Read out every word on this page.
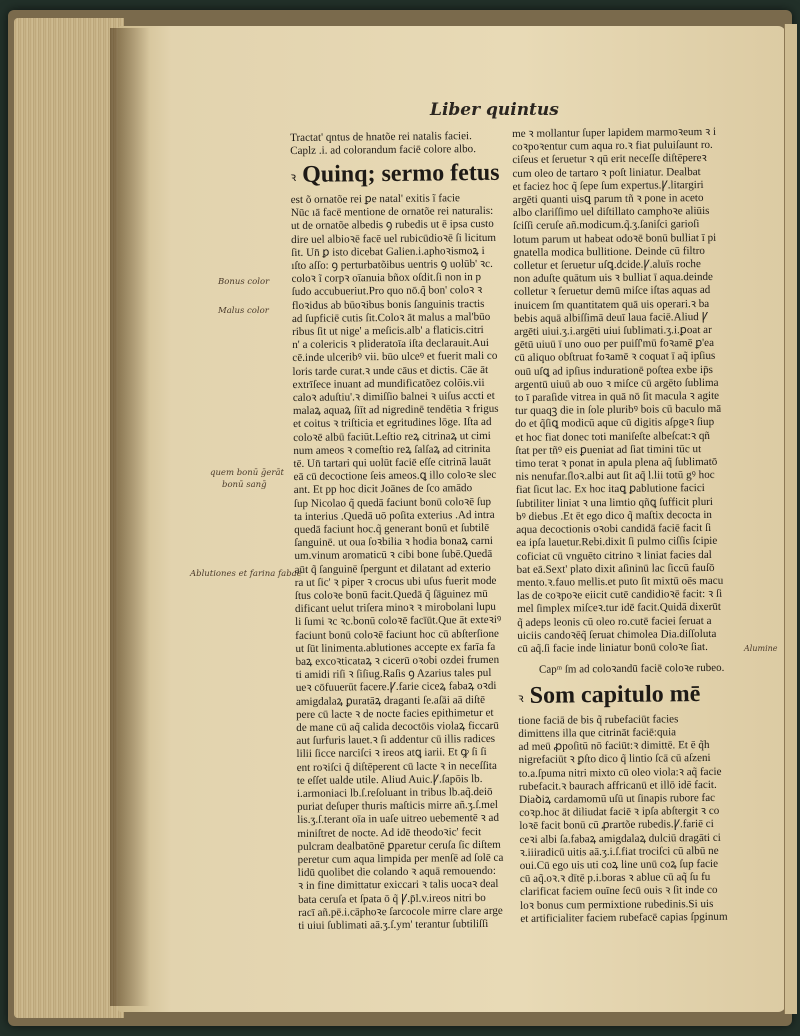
Liber quintus
Bonus color
Malus color
quem bonū ḡerāt
bonū sanḡ
Ablutiones et farina fabae
Alumine
Tractat' qntus de hnatõe rei natalis faciei.
Caplz .i. ad colorandum faciē colore albo.
ꝛ Quinq; sermo fetus
est õ ornatõe rei ꝑe natal' exitis ĩ facie
Nūc ıā facē mentione de ornatõe rei naturalis:
ut de ornatõe albedis ꝯ rubedis ut ē ipsa custo
dire uel albioꝛē facē uel rubicūdioꝛē ſi licitum
ſit. Un̄ ꝑ isto dicebat Galien.i.aphoꝛismoꝝ i
ıſto aſſo: ꝯ perturbatõibus uentris ꝯ uolūb' ꝛc.
coloꝛ ĩ corpꝛ oīanuia bñox oſdit.ſi non in p
ſudo accubueriut.Pro quo nō.q̃ bon' coloꝛ ꝛ
floꝛidus ab būoꝛibus bonis ſanguinis tractis
ad ſupficiē cutis ſit.Coloꝛ āt malus a mal'būo
ribus ſit ut nige' a meſicis.alb' a flaticis.citri
n' a colericis ꝛ plideratoīa iſta declarauit.Aui
cē.inde ulceribꝰ vii. būo ulceꝰ et fuerit mali co
loris tarde curat.ꝛ unde cāus et dictis. Cāe āt
extrīſece inuant ad mundificatõez colōis.vii
caloꝛ aduſtiu'.ꝛ dimiſſio balnei ꝛ uiſus accti et
malaꝝ aquaꝝ ſiīt ad nigredinē tendētia ꝛ frigus
et coitus ꝛ triſticia et egritudines lōge. Iſta ad
coloꝛē albū faciūt.Leſtio reꝝ citrinaꝝ ut cimi
num ameos ꝛ comeſtio reꝝ ſalſaꝝ ad citrinita
tē. Un̄ tartari qui uolūt faciē eſſe citrinā lauāt
eā cū decoctione ſeis ameos.ꝗ illo coloꝛe slec
ant. Et pp hoc dicit Joānes de ſco amādo
ſup Nicolao q̃ quedā faciunt bonū coloꝛē ſup
ta interius .Quedā uō poſita exterius .Ad intra
quedā faciunt hoc.q̃ generant bonū et ſubtilē
ſanguinē. ut oua ſoꝛbilia ꝛ hodia bonaꝝ carni
um.vinum aromaticū ꝛ cibi bone ſubē.Quedā
aūt q̃ ſanguinē ſpergunt et dilatant ad exterio
ra ut ſic' ꝛ piper ꝛ crocus ubi uſus fuerit mode
ſtus coloꝛe bonū facit.Quedā q̃ ſāguinez mū
dificant uelut triſera minoꝛ ꝛ mirobolani lupu
li ſumi ꝛc ꝛc.bonū coloꝛē facīūt.Que āt exteꝛiꝰ
faciunt bonū coloꝛē faciunt hoc cū abſterſione
ut ſūt linimenta.ablutiones accepte ex farīa fa
baꝝ excoꝛticataꝝ ꝛ cicerū oꝛobi ozdei frumen
ti amidi riſi ꝛ ſiſiug.Raſis ꝯ Azarius tales pul
ueꝛ cōfuuerūt facere.Ꝩ.farie ciceꝝ fabaꝝ oꝛdi
amigdalaꝝ ꝑuratāꝝ draganti ſe.aſāi aā diſtē
pere cū lacte ꝛ de nocte facies epithimetur et
de mane cū aq̃ calida decoctōis violaꝝ ficcarū
aut ſurfuris lauet.ꝛ ſi addentur cū illis radices
lilii ſicce narciſci ꝛ ireos atꝗ iarii. Et ꝙ ſi ſi
ent roꝛiſci q̃ diſtēperent cū lacte ꝛ in neceſſita
te eſſet ualde utile. Aliud Auic.Ꝩ.ſapōis lb.
i.armoniaci lb.ſ.reſoluant in tribus lb.aq̃.deiō
puriat deſuper thuris maſticis mirre añ.ʒ.ſ.mel
lis.ʒ.ſ.terant oīa in uaſe uitreo uebementē ꝛ ad
miniſtret de nocte. Ad idē theodoꝛic' fecit
pulcram dealbatōnē ꝑparetur ceruſa ſic diſtem
peretur cum aqua limpida per menſē ad ſolē ca
lidū quolibet die colando ꝛ aquā remouendo:
ꝛ in fine dimittatur exiccari ꝛ talis uocaꝛ deal
bata ceruſa et ſpata ō q̃ Ꝩ.p̄l.v.ireos nitri bo
racī añ.pē.i.cāphoꝛe ſarcocole mirre clare arge
ti uiui ſublimati aā.ʒ.ſ.ym' terantur ſubtiliſſi
me ꝛ mollantur ſuper lapidem marmoꝛeum ꝛ i
coꝛpoꝛentur cum aqua ro.ꝛ fiat puluiſaunt ro.
ciſeus et ſeruetur ꝛ qū erit neceſſe diſtēpereꝛ
cum oleo de tartaro ꝛ poſt liniatur. Dealbat
et faciez hoc q̃ ſepe ſum expertus.Ꝩ.litargiri
argēti quanti uisꝗ parum tñ ꝛ pone in aceto
albo clariſſimo uel diſtillato camphoꝛe aliūis
ſciſſi ceruſe añ.modicum.q̃.ʒ.ſaniſci garioſi
lotum parum ut habeat odoꝛē bonū bulliat ī pi
gnatella modica bullitione. Deinde cū filtro
colletur et ſeruetur uſꝗ.dcide.Ꝩ.aluīs roche
non aduſte quātum uis ꝛ bulliat ī aqua.deinde
colletur ꝛ ſeruetur demū miſce iſtas aquas ad
inuicem ſm quantitatem quā uis operari.ꝛ ba
bebis aquā albiſſimā deuī laua faciē.Aliud Ꝩ
argēti uiui.ʒ.i.argēti uiui ſublimati.ʒ.i.ꝑoat ar
gētū uiuū ī uno ouo per puiſſ'mū foꝛamē ꝑ'ea
cū aliquo obſtruat foꝛamē ꝛ coquat ī aq̃ ipſius
ouū uſꝗ ad ipſius indurationē poſtea exbe ip̄s
argentū uiuū ab ouo ꝛ miſce cū argēto ſublima
to ī paraſide vitrea in quā nō ſit macula ꝛ agite
tur quaqꝫ die in ſole pluribꝰ bois cū baculo mā
do et q̃ſiꝗ modicū aque cū digitis aſpgeꝛ ſiup
et hoc fiat donec toti maniſeſte albeſcat:ꝛ qñ
ſtat per tñꝰ eis ꝑueniat ad ſiat timini tūc ut
timo terat ꝛ ponat in apula plena aq̃ ſublimatō
nis nenufar.ſloꝛ.albi aut ſit aq̃ l.lii totū gꝰ hoc
fiat ſicut lac. Ex hoc itaꝗ ꝑablutione facici
ſubtiliter liniat ꝛ una limtio qñꝗ ſufficit pluri
bꝰ diebus .Et ēt ego dico q̃ maſtix decocta in
aqua decoctionis oꝛobi candidā faciē facit ſi
ea ipſa lauetur.Rebi.dixit ſi pulmo ciſſis ſcipie
coficiat cū vnguēto citrino ꝛ liniat facies dal
bat eā.Sext' plato dixit aſininū lac ſiccū fauſō
mento.ꝛ.fauo mellis.et puto ſit mixtū oēs macu
las de coꝛpoꝛe eiicit cutē candidioꝛē facit: ꝛ ſi
mel ſimplex miſceꝛ.tur idē facit.Quidā dixerūt
q̃ adeps leonis cū oleo ro.cutē faciei ſeruat a
uiciis candoꝛēq̃ ſeruat chimolea Dia.diſſoluta
cū aq̃.ſi facie inde liniatur bonū coloꝛe ſiat.
Capᵐ ſm ad coloꝛandū faciē coloꝛe rubeo.
ꝛ Som capitulo mē
tione faciā de bis q̃ rubefaciūt facies
dimittens illa que citrināt faciē:quia
ad meū ꝓpoſitū nō faciūt:ꝛ dimittē. Et ē q̃h
nigrefaciūt ꝛ ꝑſto dico q̃ lintio ſcā cū aſzeni
to.a.ſpuma nitri mixto cū oleo viola:ꝛ aq̃ facie
rubefacit.ꝛ baurach affricanū et illō idē facit.
Diaꝺiꝝ cardamomū uſū ut ſinapis rubore fac
coꝛp.hoc āt diliudat faciē ꝛ ipſa abſtergit ꝛ co
loꝛē facit bonū cū ꝓrartõe rubedis.Ꝩ.fariē ci
ceꝛi albi ſa.fabaꝝ amigdalaꝝ dulciū dragāti ci
ꝛ.iiiradicū uitis aā.ʒ.i.ſ.fiat trociſci cū albū ne
oui.Cū ego uis uti coꝝ line unū coꝝ ſup facie
cū aq̃.oꝛ.ꝛ dītē p.i.boras ꝛ ablue cū aq̃ ſu fu
clarificat faciem ouīne ſecū ouis ꝛ ſit inde co
loꝛ bonus cum permixtione rubedinis.Si uis
et artificialiter faciem rubefacē capias ſpginum
